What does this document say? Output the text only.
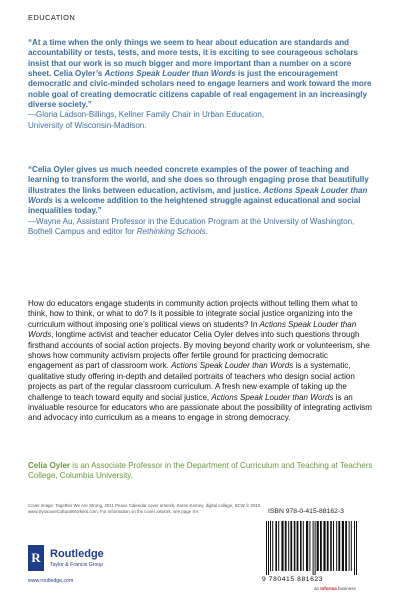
EDUCATION

“At a time when the only things we seem to hear about education are standards and accountability or tests, tests, and more tests, it is exciting to see courageous scholars insist that our work is so much bigger and more important than a number on a score sheet. Celia Oyler’s Actions Speak Louder than Words is just the encouragement democratic and civic-minded scholars need to engage learners and work toward the more noble goal of creating democratic citizens capable of real engagement in an increasingly diverse society.”

—Gloria Ladson-Billings, Kellner Family Chair in Urban Education,
University of Wisconsin-Madison.

“Celia Oyler gives us much needed concrete examples of the power of teaching and learning to transform the world, and she does so through engaging prose that beautifully illustrates the links between education, activism, and justice. Actions Speak Louder than Words is a welcome addition to the heightened struggle against educational and social inequalities today.”

—Wayne Au, Assistant Professor in the Education Program at the University of Washington, Bothell Campus and editor for Rethinking Schools.

How do educators engage students in community action projects without telling them what to think, how to think, or what to do? Is it possible to integrate social justice organizing into the curriculum without imposing one’s political views on students? In Actions Speak Louder than Words, longtime activist and teacher educator Celia Oyler delves into such questions through firsthand accounts of social action projects. By moving beyond charity work or volunteerism, she shows how community activism projects offer fertile ground for practicing democratic engagement as part of classroom work. Actions Speak Louder than Words is a systematic, qualitative study offering in-depth and detailed portraits of teachers who design social action projects as part of the regular classroom curriculum. A fresh new example of taking up the challenge to teach toward equity and social justice, Actions Speak Louder than Words is an invaluable resource for educators who are passionate about the possibility of integrating activism and advocacy into curriculum as a means to engage in strong democracy.

Celia Oyler is an Associate Professor in the Department of Curriculum and Teaching at Teachers College, Columbia University.

Cover image: Together We Are Strong, 2011 Peace Calendar cover artwork, Karen Kerney, digital collage, SCW © 2010.
www.SyracuseCulturalWorkers.com. For information on the cover artwork, see page XV.	ISBN 978-0-415-88162-3
9 780415 881623
an informa business
R Routledge
Taylor & Francis Group
www.routledge.com
